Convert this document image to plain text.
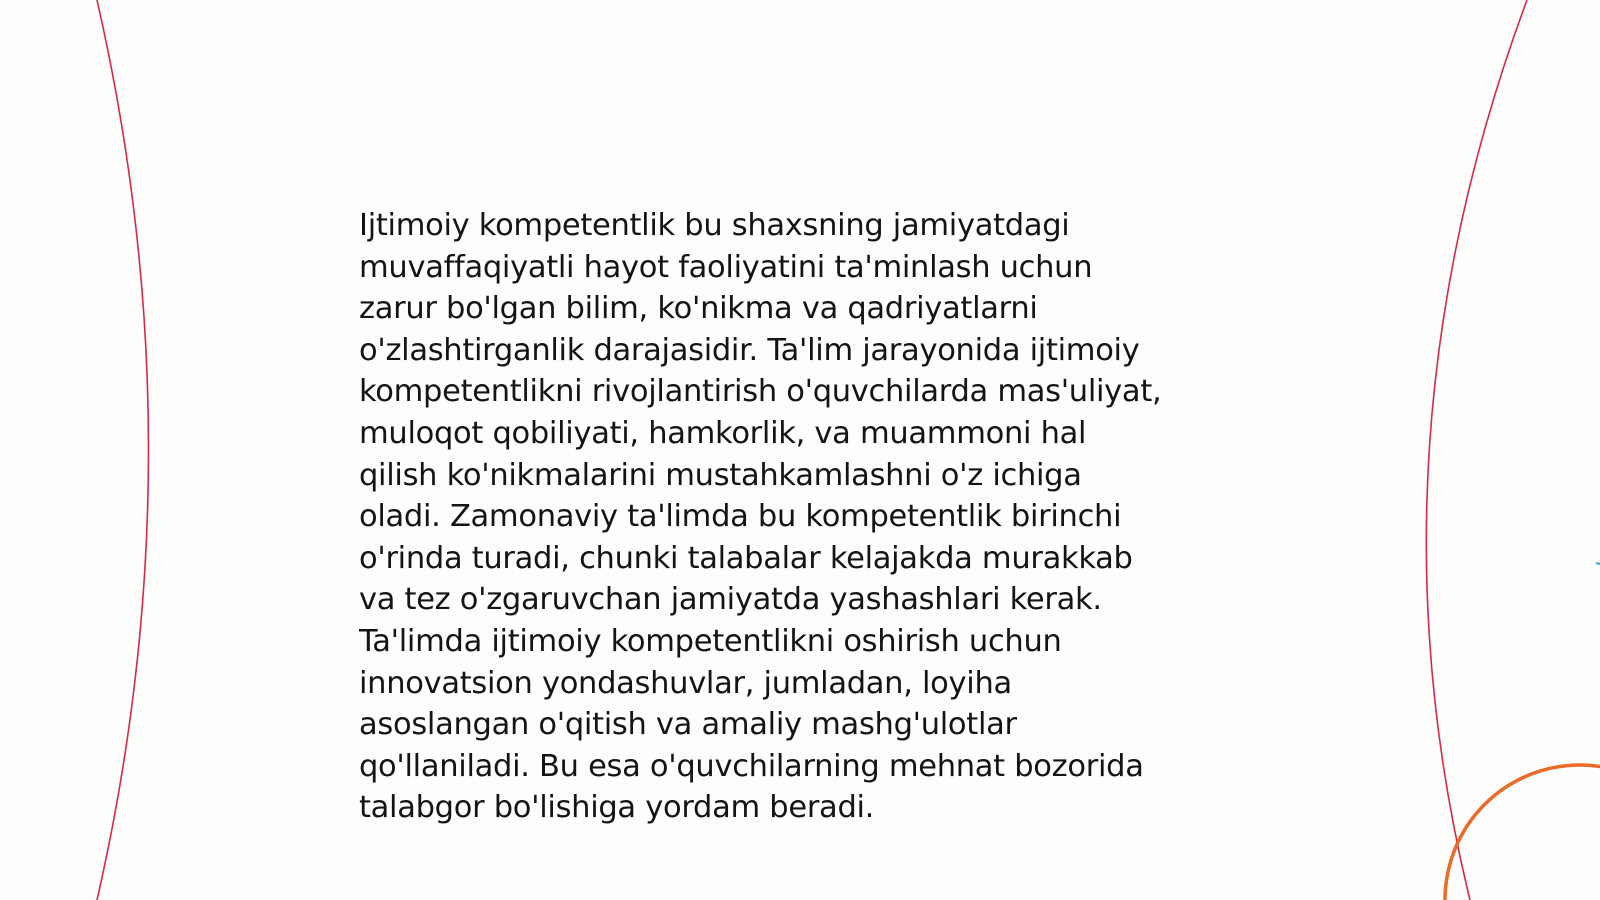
Ijtimoiy kompetentlik bu shaxsning jamiyatdagi
muvaffaqiyatli hayot faoliyatini ta'minlash uchun
zarur bo'lgan bilim, ko'nikma va qadriyatlarni
o'zlashtirganlik darajasidir. Ta'lim jarayonida ijtimoiy
kompetentlikni rivojlantirish o'quvchilarda mas'uliyat,
muloqot qobiliyati, hamkorlik, va muammoni hal
qilish ko'nikmalarini mustahkamlashni o'z ichiga
oladi. Zamonaviy ta'limda bu kompetentlik birinchi
o'rinda turadi, chunki talabalar kelajakda murakkab
va tez o'zgaruvchan jamiyatda yashashlari kerak.
Ta'limda ijtimoiy kompetentlikni oshirish uchun
innovatsion yondashuvlar, jumladan, loyiha
asoslangan o'qitish va amaliy mashg'ulotlar
qo'llaniladi. Bu esa o'quvchilarning mehnat bozorida
talabgor bo'lishiga yordam beradi.
